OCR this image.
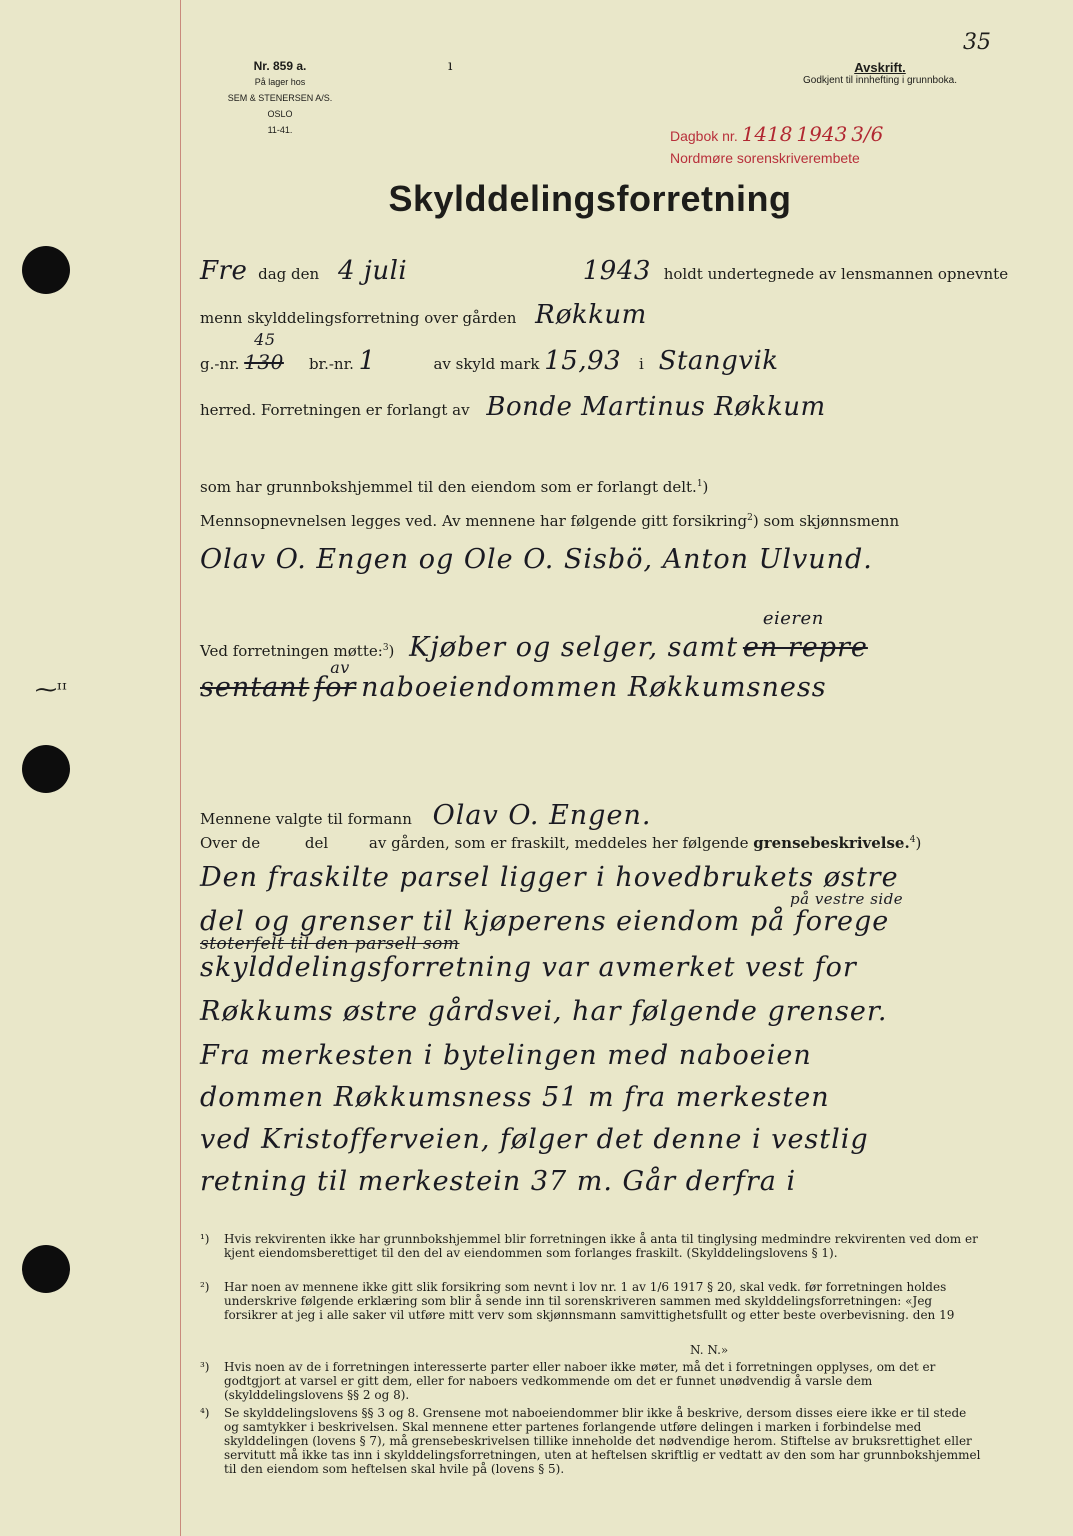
⁓ᶦᶦ
35
Nr. 859 a.
På lager hos
SEM & STENERSEN A/S. OSLO
11-41.
ı	Avskrift.
Godkjent til innhefting i grunnboka.
Dagbok nr. 1418 1943 3/6
Nordmøre sorenskriverembete
Skylddelingsforretning
Fre dag den 4 juli	1943 holdt undertegnede av lensmannen opnevnte
menn skylddelingsforretning over gården Røkkum
g.-nr. 130
45
br.-nr. 1	av skyld mark 15,93 i Stangvik
herred. Forretningen er forlangt av Bonde Martinus Røkkum
som har grunnbokshjemmel til den eiendom som er forlangt delt.$^1$)
Mennsopnevnelsen legges ved. Av mennene har følgende gitt forsikring$^2$) som skjønnsmenn
Olav O. Engen og Ole O. Sisbö, Anton Ulvund.
Ved forretningen møtte:$^3$) Kjøber og selger, samt en repre
eieren
sentant for
av
naboeiendommen Røkkumsness
Mennene valgte til formann Olav O. Engen.
Over de	del	av gården, som er fraskilt, meddeles her følgende grensebeskrivelse.$^4$)
Den fraskilte parsel ligger i hovedbrukets østre
på vestre side
del og grenser til kjøperens eiendom på forege
stoterfelt til den parsell som
skylddelingsforretning var avmerket vest for
Røkkums østre gårdsvei, har følgende grenser.
Fra merkesten i bytelingen med naboeien
dommen Røkkumsness 51 m fra merkesten
ved Kristofferveien, følger det denne i vestlig
retning til merkestein 37 m. Går derfra i
¹) Hvis rekvirenten ikke har grunnbokshjemmel blir forretningen ikke å anta til tinglysing medmindre rekvirenten ved dom er kjent eiendomsberettiget til den del av eiendommen som forlanges fraskilt. (Skylddelingslovens § 1).
²) Har noen av mennene ikke gitt slik forsikring som nevnt i lov nr. 1 av 1/6 1917 § 20, skal vedk. før forretningen holdes underskrive følgende erklæring som blir å sende inn til sorenskriveren sammen med skylddelingsforretningen: «Jeg forsikrer at jeg i alle saker vil utføre mitt verv som skjønnsmann samvittighetsfullt og etter beste overbevisning. den 19
N. N.»
³) Hvis noen av de i forretningen interesserte parter eller naboer ikke møter, må det i forretningen opplyses, om det er godtgjort at varsel er gitt dem, eller for naboers vedkommende om det er funnet unødvendig å varsle dem (skylddelingslovens §§ 2 og 8).
⁴) Se skylddelingslovens §§ 3 og 8. Grensene mot naboeiendommer blir ikke å beskrive, dersom disses eiere ikke er til stede og samtykker i beskrivelsen. Skal mennene etter partenes forlangende utføre delingen i marken i forbindelse med skylddelingen (lovens § 7), må grensebeskrivelsen tillike inneholde det nødvendige herom. Stiftelse av bruksrettighet eller servitutt må ikke tas inn i skylddelingsforretningen, uten at heftelsen skriftlig er vedtatt av den som har grunnbokshjemmel til den eiendom som heftelsen skal hvile på (lovens § 5).
